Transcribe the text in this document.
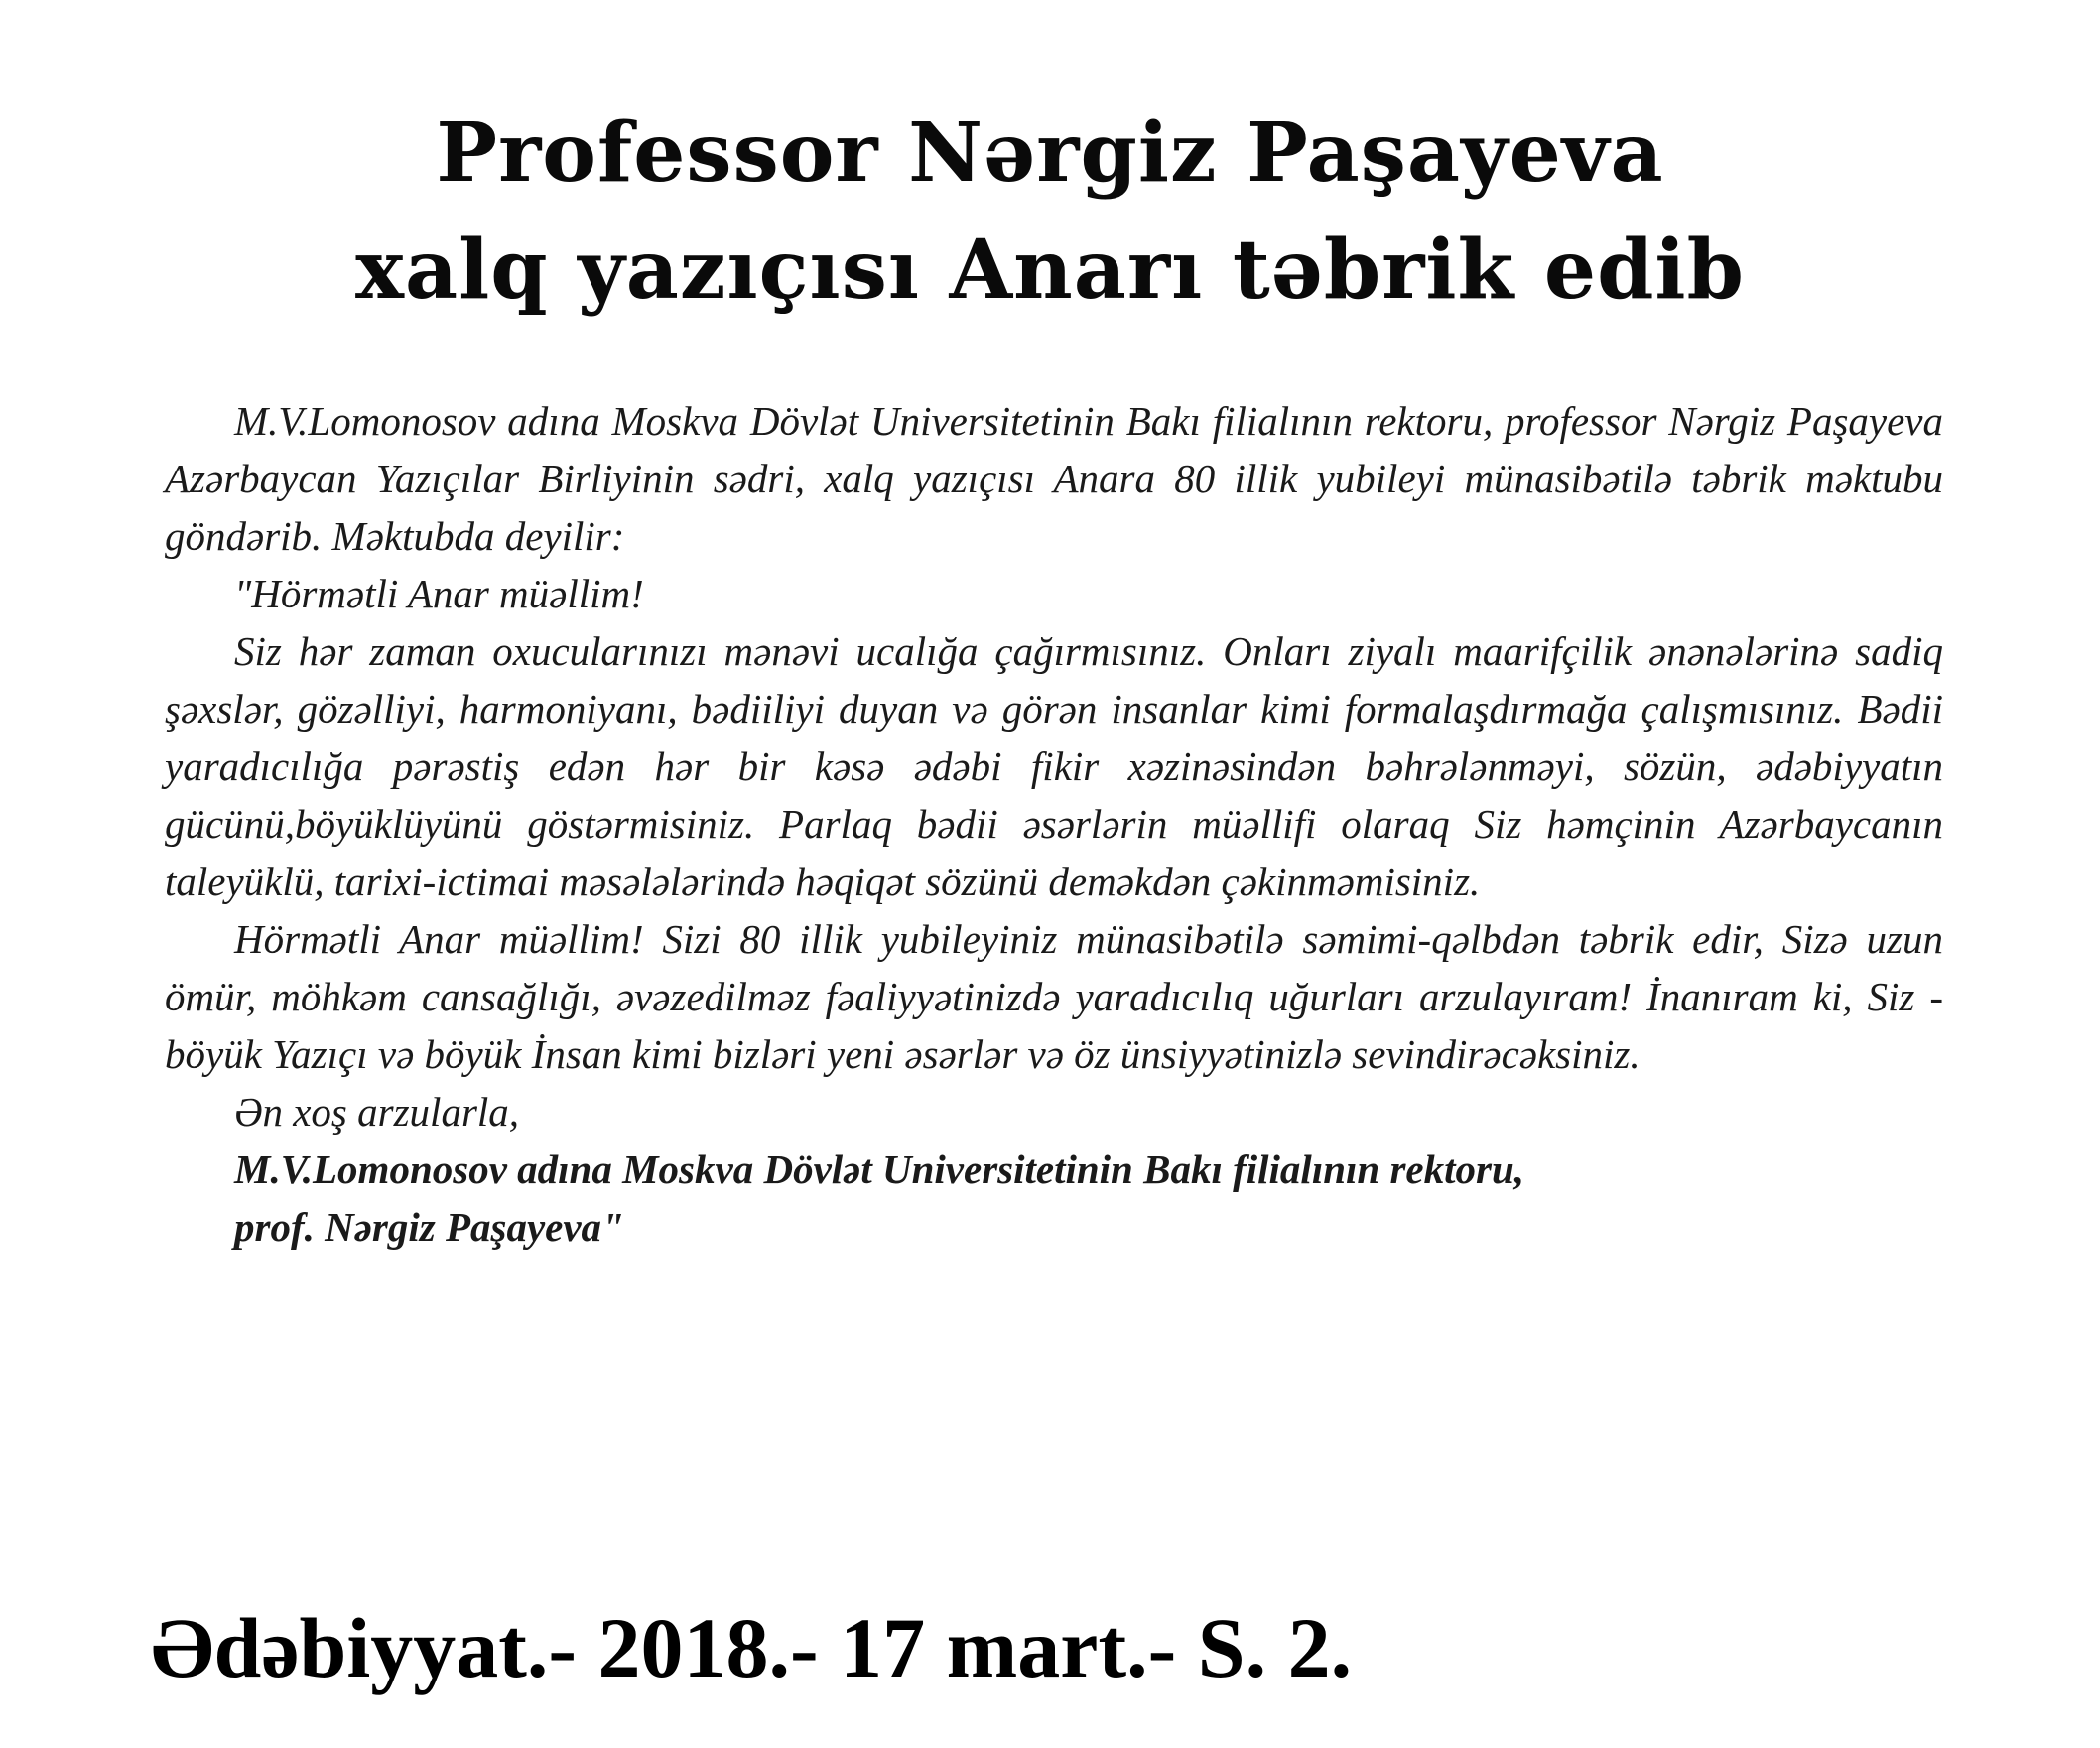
Professor Nərgiz Paşayeva
xalq yazıçısı Anarı təbrik edib

M.V.Lomonosov adına Moskva Dövlət Universitetinin Bakı filialının rektoru, professor Nərgiz Paşayeva Azərbaycan Yazıçılar Birliyinin sədri, xalq yazıçısı Anara 80 illik yubileyi münasibətilə təbrik məktubu göndərib. Məktubda deyilir:

"Hörmətli Anar müəllim!

Siz hər zaman oxucularınızı mənəvi ucalığa çağırmısınız. Onları ziyalı maarifçilik ənənələrinə sadiq şəxslər, gözəlliyi, harmoniyanı, bədiiliyi duyan və görən insanlar kimi formalaşdırmağa çalışmısınız. Bədii yaradıcılığa pərəstiş edən hər bir kəsə ədəbi fikir xəzinəsindən bəhrələnməyi, sözün, ədəbiyyatın gücünü,böyüklüyünü göstərmisiniz. Parlaq bədii əsərlərin müəllifi olaraq Siz həmçinin Azərbaycanın taleyüklü, tarixi-ictimai məsələlərində həqiqət sözünü deməkdən çəkinməmisiniz.

Hörmətli Anar müəllim! Sizi 80 illik yubileyiniz münasibətilə səmimi-qəlbdən təbrik edir, Sizə uzun ömür, möhkəm cansağlığı, əvəzedilməz fəaliyyətinizdə yaradıcılıq uğurları arzulayıram! İnanıram ki, Siz - böyük Yazıçı və böyük İnsan kimi bizləri yeni əsərlər və öz ünsiyyətinizlə sevindirəcəksiniz.

Ən xoş arzularla,

M.V.Lomonosov adına Moskva Dövlət Universitetinin Bakı filialının rektoru,

prof. Nərgiz Paşayeva"

Ədəbiyyat.- 2018.- 17 mart.- S. 2.
